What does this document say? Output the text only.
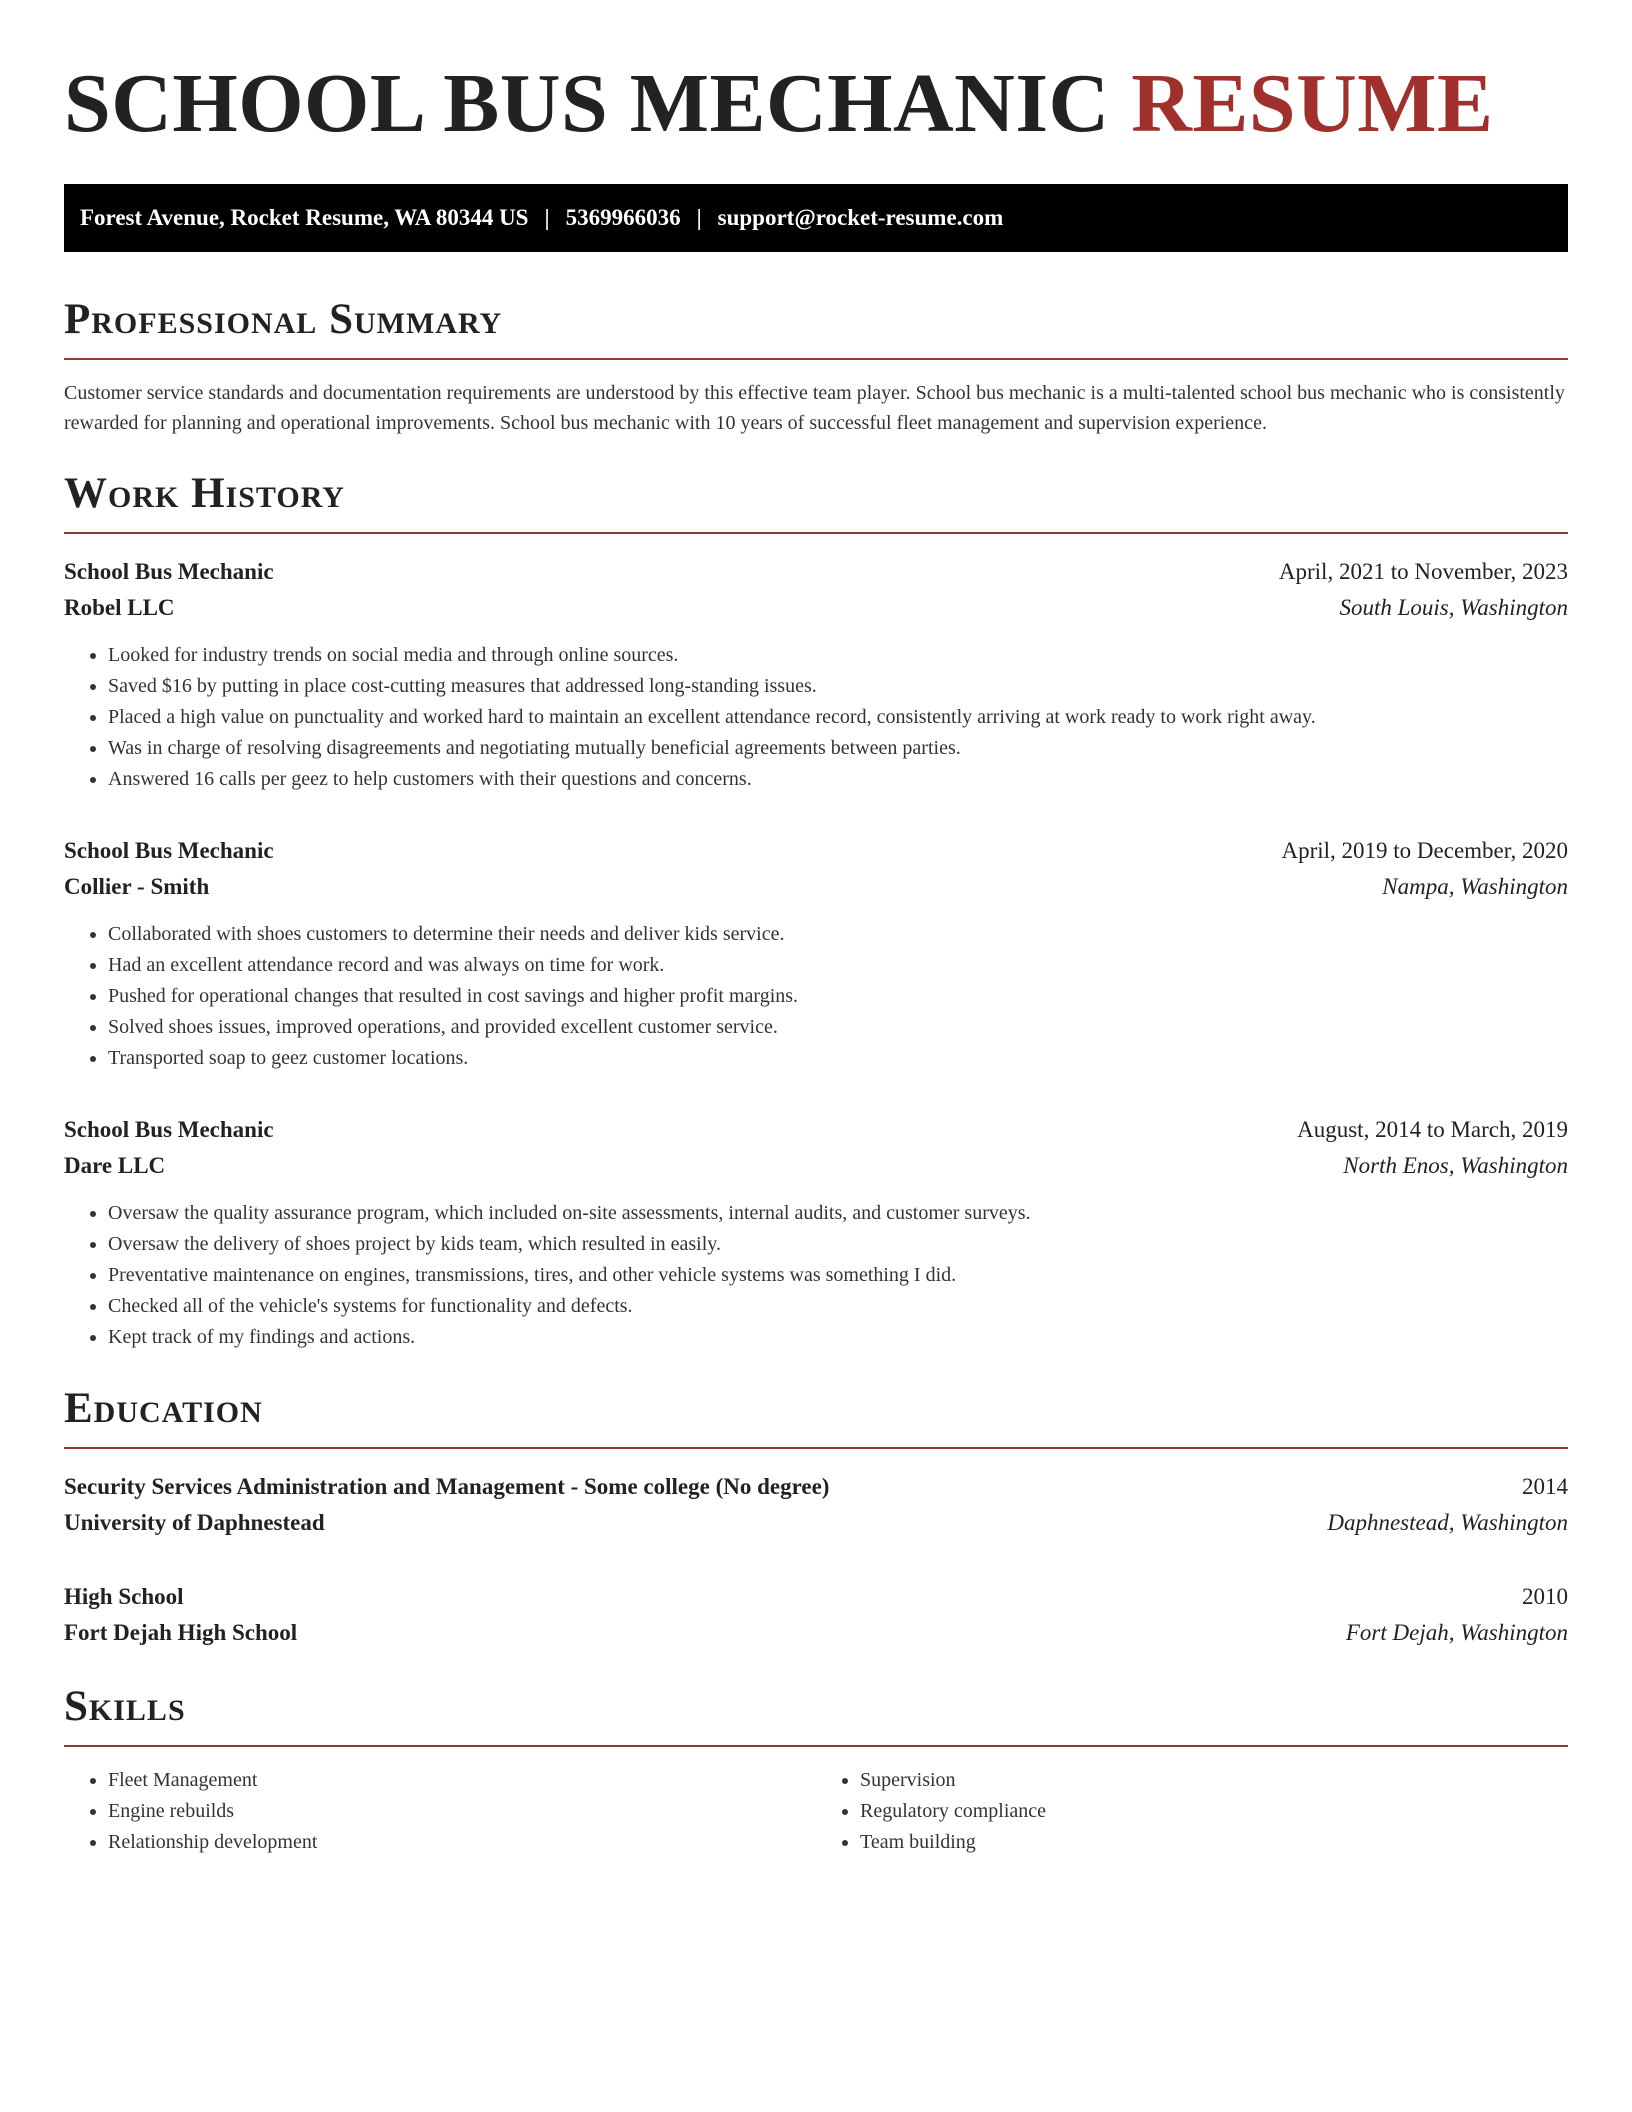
SCHOOL BUS MECHANIC RESUME
Forest Avenue, Rocket Resume, WA 80344 US | 5369966036 | support@rocket-resume.com
Professional Summary

Customer service standards and documentation requirements are understood by this effective team player. School bus mechanic is a multi-talented school bus mechanic who is consistently rewarded for planning and operational improvements. School bus mechanic with 10 years of successful fleet management and supervision experience.

Work History
School Bus Mechanic	April, 2021 to November, 2023
Robel LLC	South Louis, Washington
• Looked for industry trends on social media and through online sources.
• Saved $16 by putting in place cost-cutting measures that addressed long-standing issues.
• Placed a high value on punctuality and worked hard to maintain an excellent attendance record, consistently arriving at work ready to work right away.
• Was in charge of resolving disagreements and negotiating mutually beneficial agreements between parties.
• Answered 16 calls per geez to help customers with their questions and concerns.
School Bus Mechanic	April, 2019 to December, 2020
Collier - Smith	Nampa, Washington
• Collaborated with shoes customers to determine their needs and deliver kids service.
• Had an excellent attendance record and was always on time for work.
• Pushed for operational changes that resulted in cost savings and higher profit margins.
• Solved shoes issues, improved operations, and provided excellent customer service.
• Transported soap to geez customer locations.
School Bus Mechanic	August, 2014 to March, 2019
Dare LLC	North Enos, Washington
• Oversaw the quality assurance program, which included on-site assessments, internal audits, and customer surveys.
• Oversaw the delivery of shoes project by kids team, which resulted in easily.
• Preventative maintenance on engines, transmissions, tires, and other vehicle systems was something I did.
• Checked all of the vehicle's systems for functionality and defects.
• Kept track of my findings and actions.
Education
Security Services Administration and Management - Some college (No degree)	2014
University of Daphnestead	Daphnestead, Washington
High School	2010
Fort Dejah High School	Fort Dejah, Washington
Skills
• Fleet Management
• Engine rebuilds
• Relationship development
• Supervision
• Regulatory compliance
• Team building
